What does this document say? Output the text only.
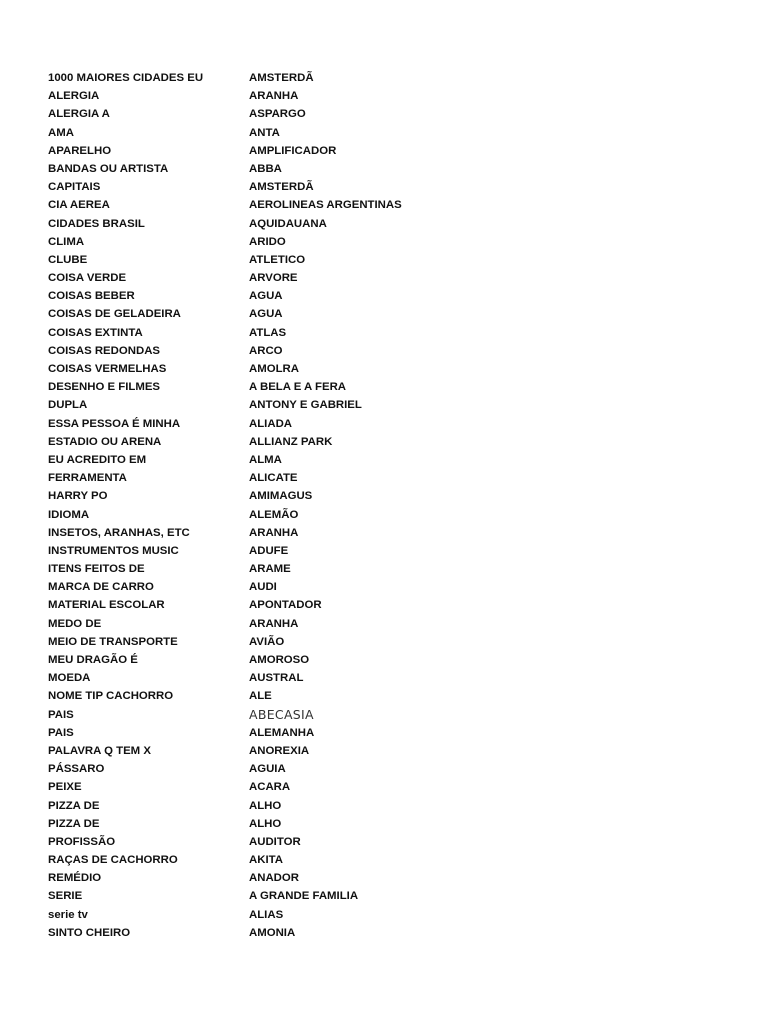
1000 MAIORES CIDADES EU	AMSTERDÃ
ALERGIA	ARANHA
ALERGIA A	ASPARGO
AMA	ANTA
APARELHO	AMPLIFICADOR
BANDAS OU ARTISTA	ABBA
CAPITAIS	AMSTERDÃ
CIA AEREA	AEROLINEAS ARGENTINAS
CIDADES BRASIL	AQUIDAUANA
CLIMA	ARIDO
CLUBE	ATLETICO
COISA VERDE	ARVORE
COISAS BEBER	AGUA
COISAS DE GELADEIRA	AGUA
COISAS EXTINTA	ATLAS
COISAS REDONDAS	ARCO
COISAS VERMELHAS	AMOLRA
DESENHO E FILMES	A BELA E A FERA
DUPLA	ANTONY E GABRIEL
ESSA PESSOA É MINHA	ALIADA
ESTADIO OU ARENA	ALLIANZ PARK
EU ACREDITO EM	ALMA
FERRAMENTA	ALICATE
HARRY PO	AMIMAGUS
IDIOMA	ALEMÃO
INSETOS, ARANHAS, ETC	ARANHA
INSTRUMENTOS MUSIC	ADUFE
ITENS FEITOS DE	ARAME
MARCA DE CARRO	AUDI
MATERIAL ESCOLAR	APONTADOR
MEDO DE	ARANHA
MEIO DE TRANSPORTE	AVIÃO
MEU DRAGÃO É	AMOROSO
MOEDA	AUSTRAL
NOME TIP CACHORRO	ALE
PAIS	ABECASIA
PAIS	ALEMANHA
PALAVRA Q TEM X	ANOREXIA
PÁSSARO	AGUIA
PEIXE	ACARA
PIZZA DE	ALHO
PIZZA DE	ALHO
PROFISSÃO	AUDITOR
RAÇAS DE CACHORRO	AKITA
REMÉDIO	ANADOR
SERIE	A GRANDE FAMILIA
serie tv	ALIAS
SINTO CHEIRO	AMONIA
